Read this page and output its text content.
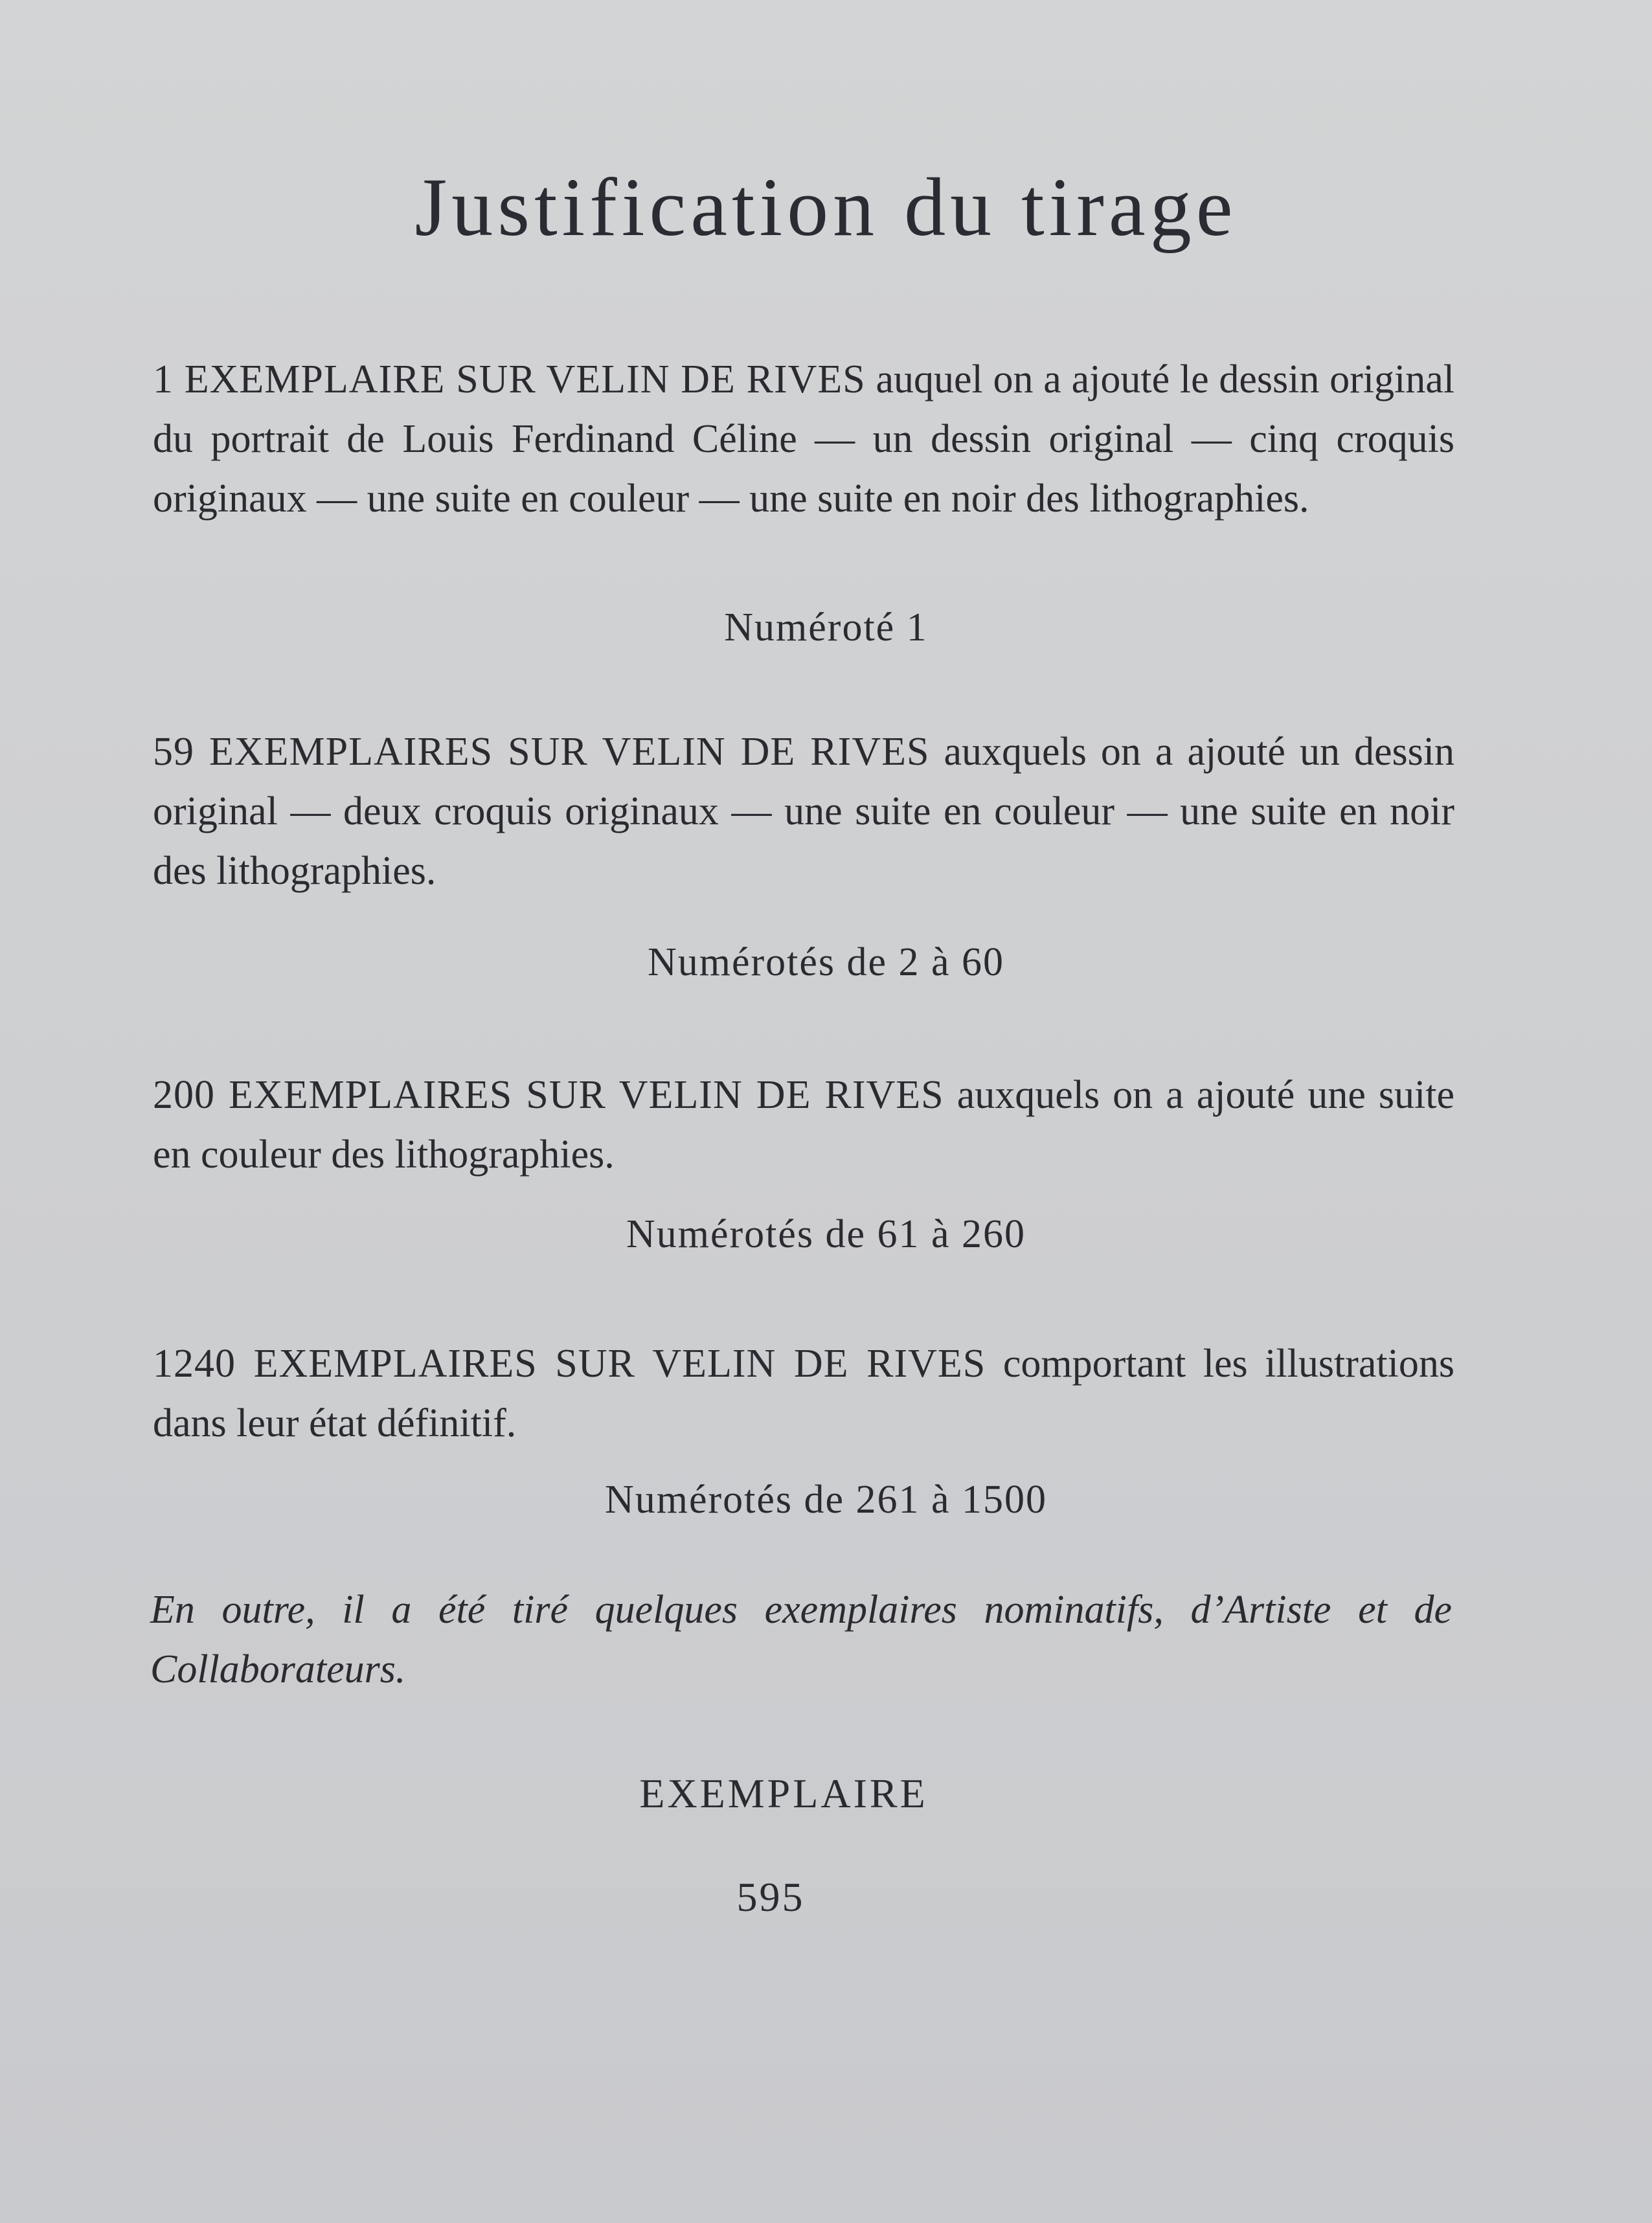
Justification du tirage

1 EXEMPLAIRE SUR VELIN DE RIVES auquel on a ajouté le dessin original du portrait de Louis Ferdinand Céline — un dessin original — cinq croquis originaux — une suite en couleur — une suite en noir des lithographies.

Numéroté 1

59 EXEMPLAIRES SUR VELIN DE RIVES auxquels on a ajouté un dessin original — deux croquis originaux — une suite en couleur — une suite en noir des lithographies.

Numérotés de 2 à 60

200 EXEMPLAIRES SUR VELIN DE RIVES auxquels on a ajouté une suite en couleur des lithographies.

Numérotés de 61 à 260

1240 EXEMPLAIRES SUR VELIN DE RIVES comportant les illustrations dans leur état définitif.

Numérotés de 261 à 1500

En outre, il a été tiré quelques exemplaires nominatifs, d’Artiste et de Collaborateurs.

EXEMPLAIRE

595
